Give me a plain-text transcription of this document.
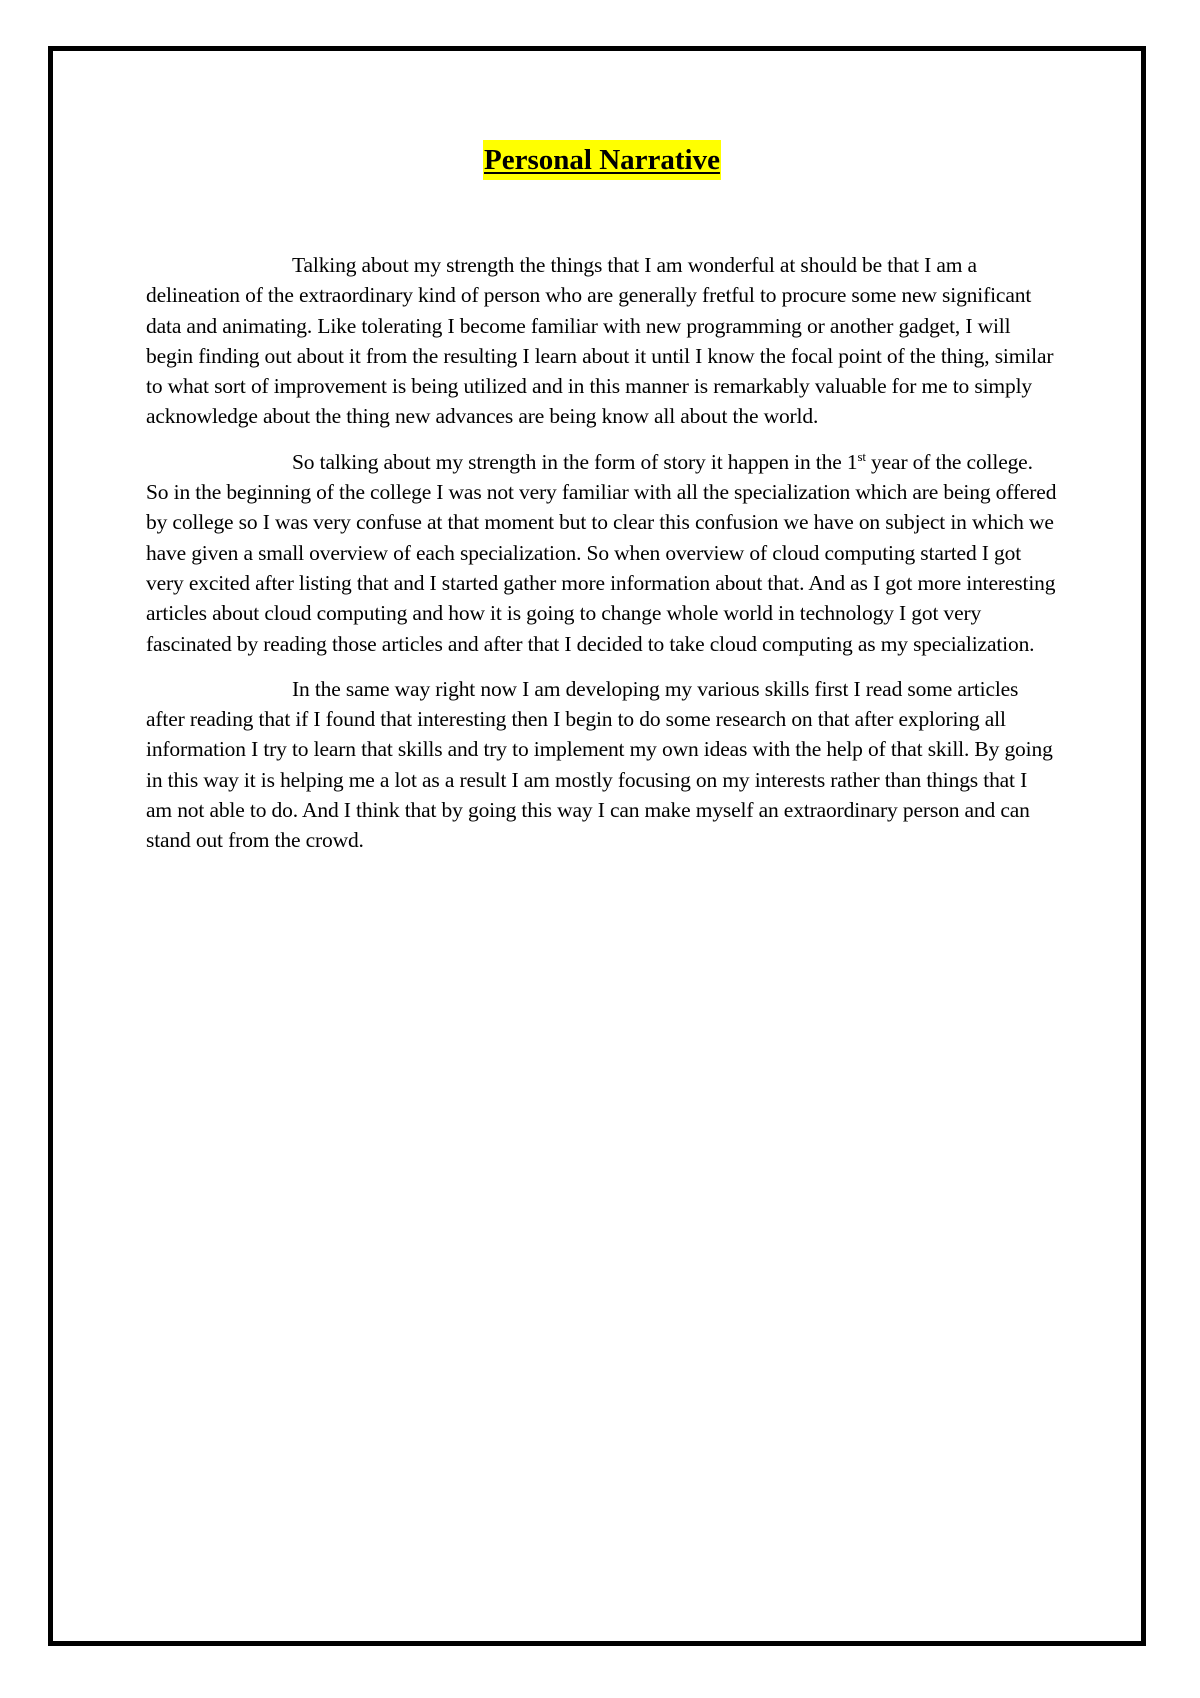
Personal Narrative

Talking about my strength the things that I am wonderful at should be that I am a delineation of the extraordinary kind of person who are generally fretful to procure some new significant data and animating. Like tolerating I become familiar with new programming or another gadget, I will begin finding out about it from the resulting I learn about it until I know the focal point of the thing, similar to what sort of improvement is being utilized and in this manner is remarkably valuable for me to simply acknowledge about the thing new advances are being know all about the world.

So talking about my strength in the form of story it happen in the 1st year of the college. So in the beginning of the college I was not very familiar with all the specialization which are being offered by college so I was very confuse at that moment but to clear this confusion we have on subject in which we have given a small overview of each specialization. So when overview of cloud computing started I got very excited after listing that and I started gather more information about that. And as I got more interesting articles about cloud computing and how it is going to change whole world in technology I got very fascinated by reading those articles and after that I decided to take cloud computing as my specialization.

In the same way right now I am developing my various skills first I read some articles after reading that if I found that interesting then I begin to do some research on that after exploring all information I try to learn that skills and try to implement my own ideas with the help of that skill. By going in this way it is helping me a lot as a result I am mostly focusing on my interests rather than things that I am not able to do. And I think that by going this way I can make myself an extraordinary person and can stand out from the crowd.
